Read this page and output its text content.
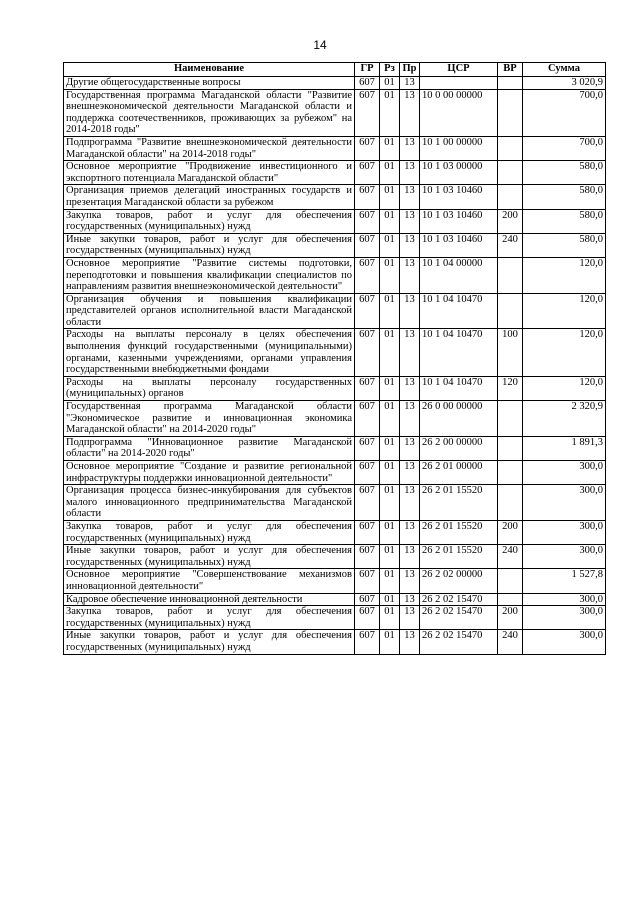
14
Наименование	ГР	Рз	Пр	ЦСР	ВР	Сумма
Другие общегосударственные вопросы	607	01	13			3 020,9
Государственная программа Магаданской области "Развитие внешнеэкономической деятельности Магаданской области и поддержка соотечественников, проживающих за рубежом" на 2014-2018 годы"	607	01	13	10 0 00 00000		700,0
Подпрограмма "Развитие внешнеэкономической деятельности Магаданской области" на 2014-2018 годы"	607	01	13	10 1 00 00000		700,0
Основное мероприятие "Продвижение инвестиционного и экспортного потенциала Магаданской области"	607	01	13	10 1 03 00000		580,0
Организация приемов делегаций иностранных государств и презентация Магаданской области за рубежом	607	01	13	10 1 03 10460		580,0
Закупка товаров, работ и услуг для обеспечения государственных (муниципальных) нужд	607	01	13	10 1 03 10460	200	580,0
Иные закупки товаров, работ и услуг для обеспечения государственных (муниципальных) нужд	607	01	13	10 1 03 10460	240	580,0
Основное мероприятие "Развитие системы подготовки, переподготовки и повышения квалификации специалистов по направлениям развития внешнеэкономической деятельности"	607	01	13	10 1 04 00000		120,0
Организация обучения и повышения квалификации представителей органов исполнительной власти Магаданской области	607	01	13	10 1 04 10470		120,0
Расходы на выплаты персоналу в целях обеспечения выполнения функций государственными (муниципальными) органами, казенными учреждениями, органами управления государственными внебюджетными фондами	607	01	13	10 1 04 10470	100	120,0
Расходы на выплаты персоналу государственных (муниципальных) органов	607	01	13	10 1 04 10470	120	120,0
Государственная программа Магаданской области "Экономическое развитие и инновационная экономика Магаданской области" на 2014-2020 годы"	607	01	13	26 0 00 00000		2 320,9
Подпрограмма "Инновационное развитие Магаданской области" на 2014-2020 годы"	607	01	13	26 2 00 00000		1 891,3
Основное мероприятие "Создание и развитие региональной инфраструктуры поддержки инновационной деятельности"	607	01	13	26 2 01 00000		300,0
Организация процесса бизнес-инкубирования для субъектов малого инновационного предпринимательства Магаданской области	607	01	13	26 2 01 15520		300,0
Закупка товаров, работ и услуг для обеспечения государственных (муниципальных) нужд	607	01	13	26 2 01 15520	200	300,0
Иные закупки товаров, работ и услуг для обеспечения государственных (муниципальных) нужд	607	01	13	26 2 01 15520	240	300,0
Основное мероприятие "Совершенствование механизмов инновационной деятельности"	607	01	13	26 2 02 00000		1 527,8
Кадровое обеспечение инновационной деятельности	607	01	13	26 2 02 15470		300,0
Закупка товаров, работ и услуг для обеспечения государственных (муниципальных) нужд	607	01	13	26 2 02 15470	200	300,0
Иные закупки товаров, работ и услуг для обеспечения государственных (муниципальных) нужд	607	01	13	26 2 02 15470	240	300,0
